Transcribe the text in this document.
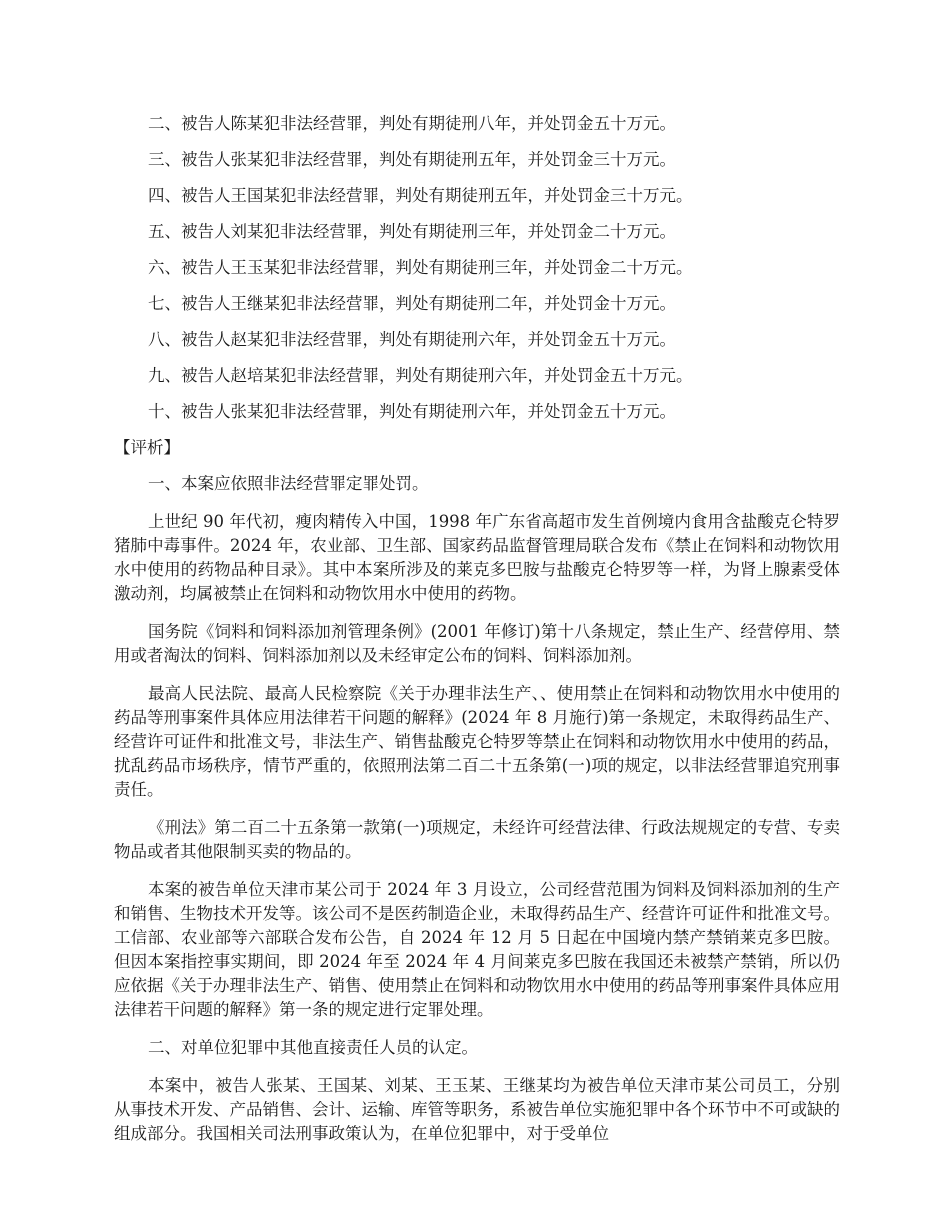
二、被告人陈某犯非法经营罪，判处有期徒刑八年，并处罚金五十万元。

三、被告人张某犯非法经营罪，判处有期徒刑五年，并处罚金三十万元。

四、被告人王国某犯非法经营罪，判处有期徒刑五年，并处罚金三十万元。

五、被告人刘某犯非法经营罪，判处有期徒刑三年，并处罚金二十万元。

六、被告人王玉某犯非法经营罪，判处有期徒刑三年，并处罚金二十万元。

七、被告人王继某犯非法经营罪，判处有期徒刑二年，并处罚金十万元。

八、被告人赵某犯非法经营罪，判处有期徒刑六年，并处罚金五十万元。

九、被告人赵培某犯非法经营罪，判处有期徒刑六年，并处罚金五十万元。

十、被告人张某犯非法经营罪，判处有期徒刑六年，并处罚金五十万元。

【评析】

一、本案应依照非法经营罪定罪处罚。

上世纪 90 年代初，瘦肉精传入中国，1998 年广东省高超市发生首例境内食用含盐酸克仑特罗猪肺中毒事件。2024 年，农业部、卫生部、国家药品监督管理局联合发布《禁止在饲料和动物饮用水中使用的药物品种目录》。其中本案所涉及的莱克多巴胺与盐酸克仑特罗等一样，为肾上腺素受体激动剂，均属被禁止在饲料和动物饮用水中使用的药物。

国务院《饲料和饲料添加剂管理条例》(2001 年修订)第十八条规定，禁止生产、经营停用、禁用或者淘汰的饲料、饲料添加剂以及未经审定公布的饲料、饲料添加剂。

最高人民法院、最高人民检察院《关于办理非法生产、、使用禁止在饲料和动物饮用水中使用的药品等刑事案件具体应用法律若干问题的解释》(2024 年 8 月施行)第一条规定，未取得药品生产、经营许可证件和批准文号，非法生产、销售盐酸克仑特罗等禁止在饲料和动物饮用水中使用的药品，扰乱药品市场秩序，情节严重的，依照刑法第二百二十五条第(一)项的规定，以非法经营罪追究刑事责任。

《刑法》第二百二十五条第一款第(一)项规定，未经许可经营法律、行政法规规定的专营、专卖物品或者其他限制买卖的物品的。

本案的被告单位天津市某公司于 2024 年 3 月设立，公司经营范围为饲料及饲料添加剂的生产和销售、生物技术开发等。该公司不是医药制造企业，未取得药品生产、经营许可证件和批准文号。工信部、农业部等六部联合发布公告，自 2024 年 12 月 5 日起在中国境内禁产禁销莱克多巴胺。但因本案指控事实期间，即 2024 年至 2024 年 4 月间莱克多巴胺在我国还未被禁产禁销，所以仍应依据《关于办理非法生产、销售、使用禁止在饲料和动物饮用水中使用的药品等刑事案件具体应用法律若干问题的解释》第一条的规定进行定罪处理。

二、对单位犯罪中其他直接责任人员的认定。

本案中，被告人张某、王国某、刘某、王玉某、王继某均为被告单位天津市某公司员工，分别从事技术开发、产品销售、会计、运输、库管等职务，系被告单位实施犯罪中各个环节中不可或缺的组成部分。我国相关司法刑事政策认为，在单位犯罪中，对于受单位
